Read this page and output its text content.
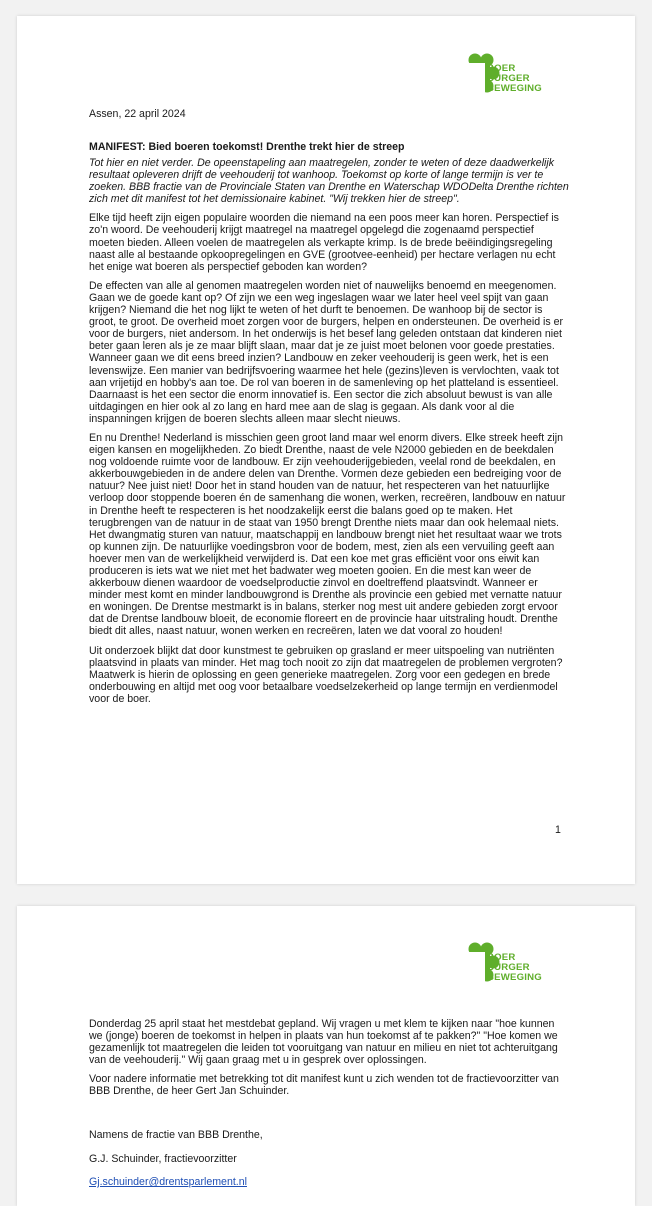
BOER
BURGER
BEWEGING
Assen, 22 april 2024
MANIFEST: Bied boeren toekomst! Drenthe trekt hier de streep

Tot hier en niet verder. De opeenstapeling aan maatregelen, zonder te weten of deze daadwerkelijk resultaat opleveren drijft de veehouderij tot wanhoop. Toekomst op korte of lange termijn is ver te zoeken. BBB fractie van de Provinciale Staten van Drenthe en Waterschap WDODelta Drenthe richten zich met dit manifest tot het demissionaire kabinet. "Wij trekken hier de streep".

Elke tijd heeft zijn eigen populaire woorden die niemand na een poos meer kan horen. Perspectief is zo'n woord. De veehouderij krijgt maatregel na maatregel opgelegd die zogenaamd perspectief moeten bieden. Alleen voelen de maatregelen als verkapte krimp. Is de brede beëindigingsregeling naast alle al bestaande opkoopregelingen en GVE (grootvee-eenheid) per hectare verlagen nu echt het enige wat boeren als perspectief geboden kan worden?

De effecten van alle al genomen maatregelen worden niet of nauwelijks benoemd en meegenomen. Gaan we de goede kant op? Of zijn we een weg ingeslagen waar we later heel veel spijt van gaan krijgen? Niemand die het nog lijkt te weten of het durft te benoemen. De wanhoop bij de sector is groot, te groot. De overheid moet zorgen voor de burgers, helpen en ondersteunen. De overheid is er voor de burgers, niet andersom. In het onderwijs is het besef lang geleden ontstaan dat kinderen niet beter gaan leren als je ze maar blijft slaan, maar dat je ze juist moet belonen voor goede prestaties. Wanneer gaan we dit eens breed inzien? Landbouw en zeker veehouderij is geen werk, het is een levenswijze. Een manier van bedrijfsvoering waarmee het hele (gezins)leven is vervlochten, vaak tot aan vrijetijd en hobby's aan toe. De rol van boeren in de samenleving op het platteland is essentieel. Daarnaast is het een sector die enorm innovatief is. Een sector die zich absoluut bewust is van alle uitdagingen en hier ook al zo lang en hard mee aan de slag is gegaan. Als dank voor al die inspanningen krijgen de boeren slechts alleen maar slecht nieuws.

En nu Drenthe! Nederland is misschien geen groot land maar wel enorm divers. Elke streek heeft zijn eigen kansen en mogelijkheden. Zo biedt Drenthe, naast de vele N2000 gebieden en de beekdalen nog voldoende ruimte voor de landbouw. Er zijn veehouderijgebieden, veelal rond de beekdalen, en akkerbouwgebieden in de andere delen van Drenthe. Vormen deze gebieden een bedreiging voor de natuur? Nee juist niet! Door het in stand houden van de natuur, het respecteren van het natuurlijke verloop door stoppende boeren én de samenhang die wonen, werken, recreëren, landbouw en natuur in Drenthe heeft te respecteren is het noodzakelijk eerst die balans goed op te maken. Het terugbrengen van de natuur in de staat van 1950 brengt Drenthe niets maar dan ook helemaal niets. Het dwangmatig sturen van natuur, maatschappij en landbouw brengt niet het resultaat waar we trots op kunnen zijn. De natuurlijke voedingsbron voor de bodem, mest, zien als een vervuiling geeft aan hoever men van de werkelijkheid verwijderd is. Dat een koe met gras efficiënt voor ons eiwit kan produceren is iets wat we niet met het badwater weg moeten gooien. En die mest kan weer de akkerbouw dienen waardoor de voedselproductie zinvol en doeltreffend plaatsvindt. Wanneer er minder mest komt en minder landbouwgrond is Drenthe als provincie een gebied met vernatte natuur en woningen. De Drentse mestmarkt is in balans, sterker nog mest uit andere gebieden zorgt ervoor dat de Drentse landbouw bloeit, de economie floreert en de provincie haar uitstraling houdt. Drenthe biedt dit alles, naast natuur, wonen werken en recreëren, laten we dat vooral zo houden!

Uit onderzoek blijkt dat door kunstmest te gebruiken op grasland er meer uitspoeling van nutriënten plaatsvind in plaats van minder. Het mag toch nooit zo zijn dat maatregelen de problemen vergroten? Maatwerk is hierin de oplossing en geen generieke maatregelen. Zorg voor een gedegen en brede onderbouwing en altijd met oog voor betaalbare voedselzekerheid op lange termijn en verdienmodel voor de boer.

1
BOER
BURGER
BEWEGING

Donderdag 25 april staat het mestdebat gepland. Wij vragen u met klem te kijken naar "hoe kunnen we (jonge) boeren de toekomst in helpen in plaats van hun toekomst af te pakken?" "Hoe komen we gezamenlijk tot maatregelen die leiden tot vooruitgang van natuur en milieu en niet tot achteruitgang van de veehouderij." Wij gaan graag met u in gesprek over oplossingen.

Voor nadere informatie met betrekking tot dit manifest kunt u zich wenden tot de fractievoorzitter van BBB Drenthe, de heer Gert Jan Schuinder.

Namens de fractie van BBB Drenthe,
G.J. Schuinder, fractievoorzitter
Gj.schuinder@drentsparlement.nl
